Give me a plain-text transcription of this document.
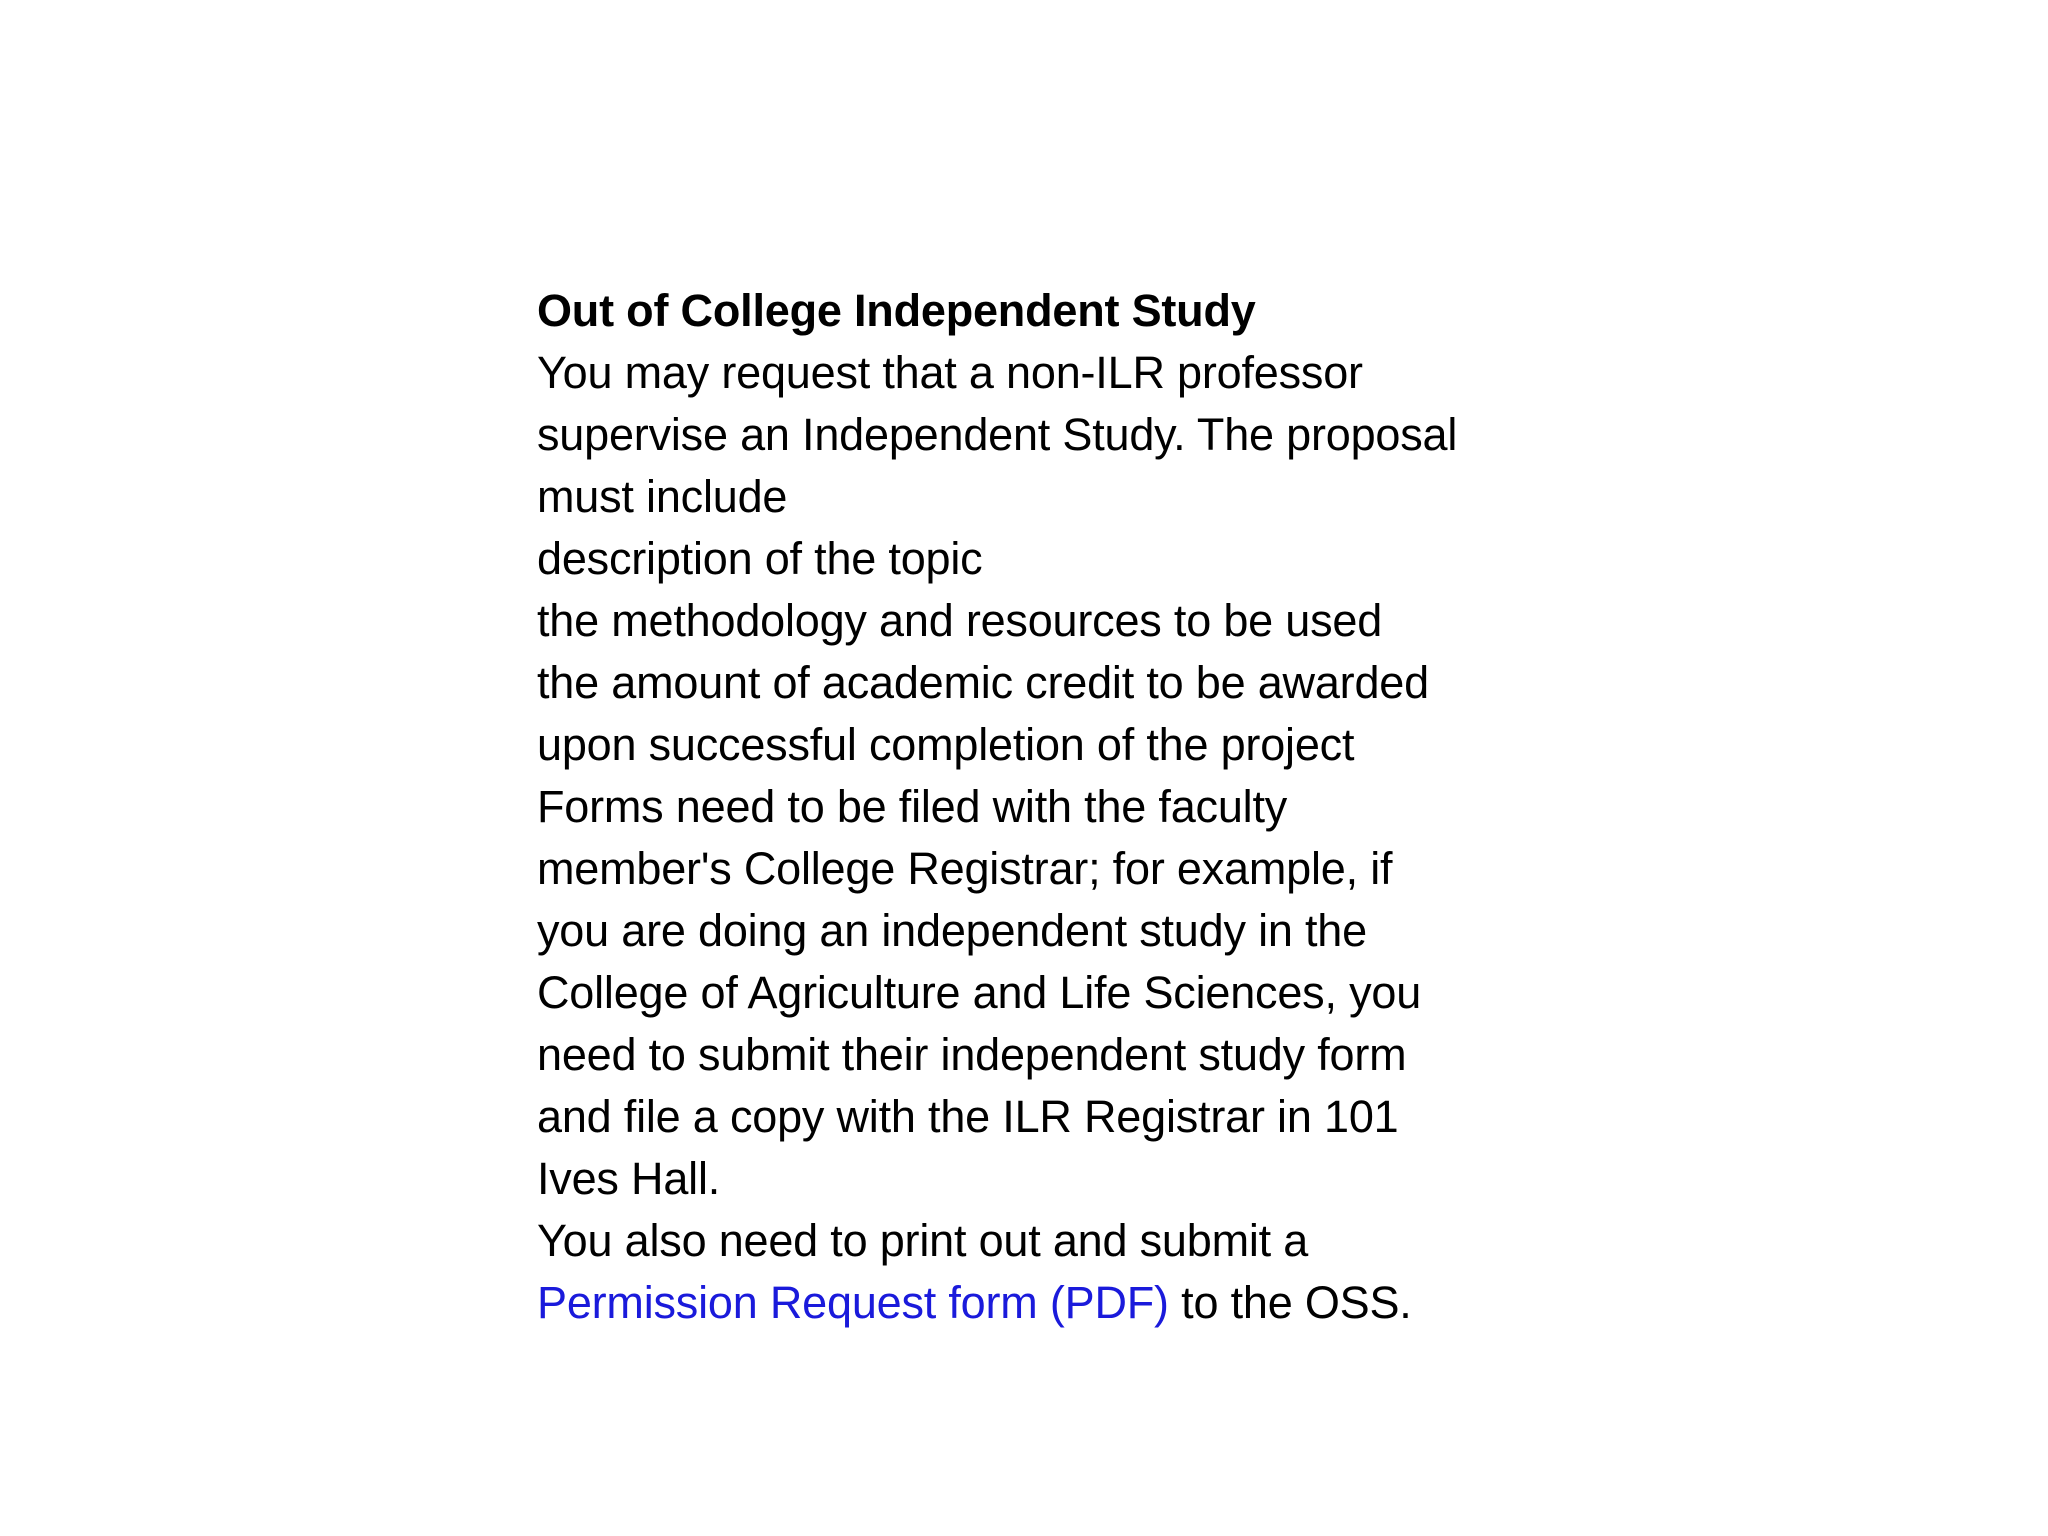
Out of College Independent Study
You may request that a non-ILR professor
supervise an Independent Study. The proposal
must include
description of the topic
the methodology and resources to be used
the amount of academic credit to be awarded
upon successful completion of the project
Forms need to be filed with the faculty
member's College Registrar; for example, if
you are doing an independent study in the
College of Agriculture and Life Sciences, you
need to submit their independent study form
and file a copy with the ILR Registrar in 101
Ives Hall.
You also need to print out and submit a
Permission Request form (PDF) to the OSS.
